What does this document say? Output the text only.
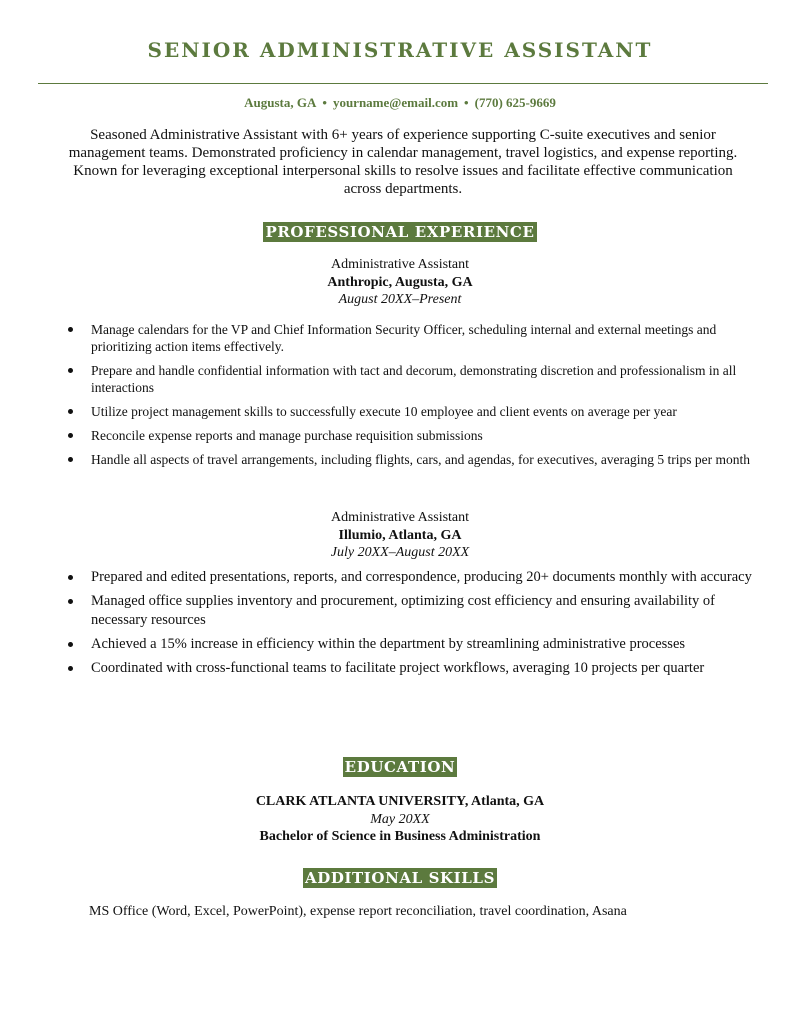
SENIOR ADMINISTRATIVE ASSISTANT
Augusta, GA • yourname@email.com • (770) 625-9669
Seasoned Administrative Assistant with 6+ years of experience supporting C-suite executives and senior management teams. Demonstrated proficiency in calendar management, travel logistics, and expense reporting. Known for leveraging exceptional interpersonal skills to resolve issues and facilitate effective communication across departments.
PROFESSIONAL EXPERIENCE
Administrative Assistant
Anthropic, Augusta, GA
August 20XX–Present
Manage calendars for the VP and Chief Information Security Officer, scheduling internal and external meetings and prioritizing action items effectively.
Prepare and handle confidential information with tact and decorum, demonstrating discretion and professionalism in all interactions
Utilize project management skills to successfully execute 10 employee and client events on average per year
Reconcile expense reports and manage purchase requisition submissions
Handle all aspects of travel arrangements, including flights, cars, and agendas, for executives, averaging 5 trips per month
Administrative Assistant
Illumio, Atlanta, GA
July 20XX–August 20XX
Prepared and edited presentations, reports, and correspondence, producing 20+ documents monthly with accuracy
Managed office supplies inventory and procurement, optimizing cost efficiency and ensuring availability of necessary resources
Achieved a 15% increase in efficiency within the department by streamlining administrative processes
Coordinated with cross-functional teams to facilitate project workflows, averaging 10 projects per quarter
EDUCATION
CLARK ATLANTA UNIVERSITY, Atlanta, GA
May 20XX
Bachelor of Science in Business Administration
ADDITIONAL SKILLS
MS Office (Word, Excel, PowerPoint), expense report reconciliation, travel coordination, Asana
